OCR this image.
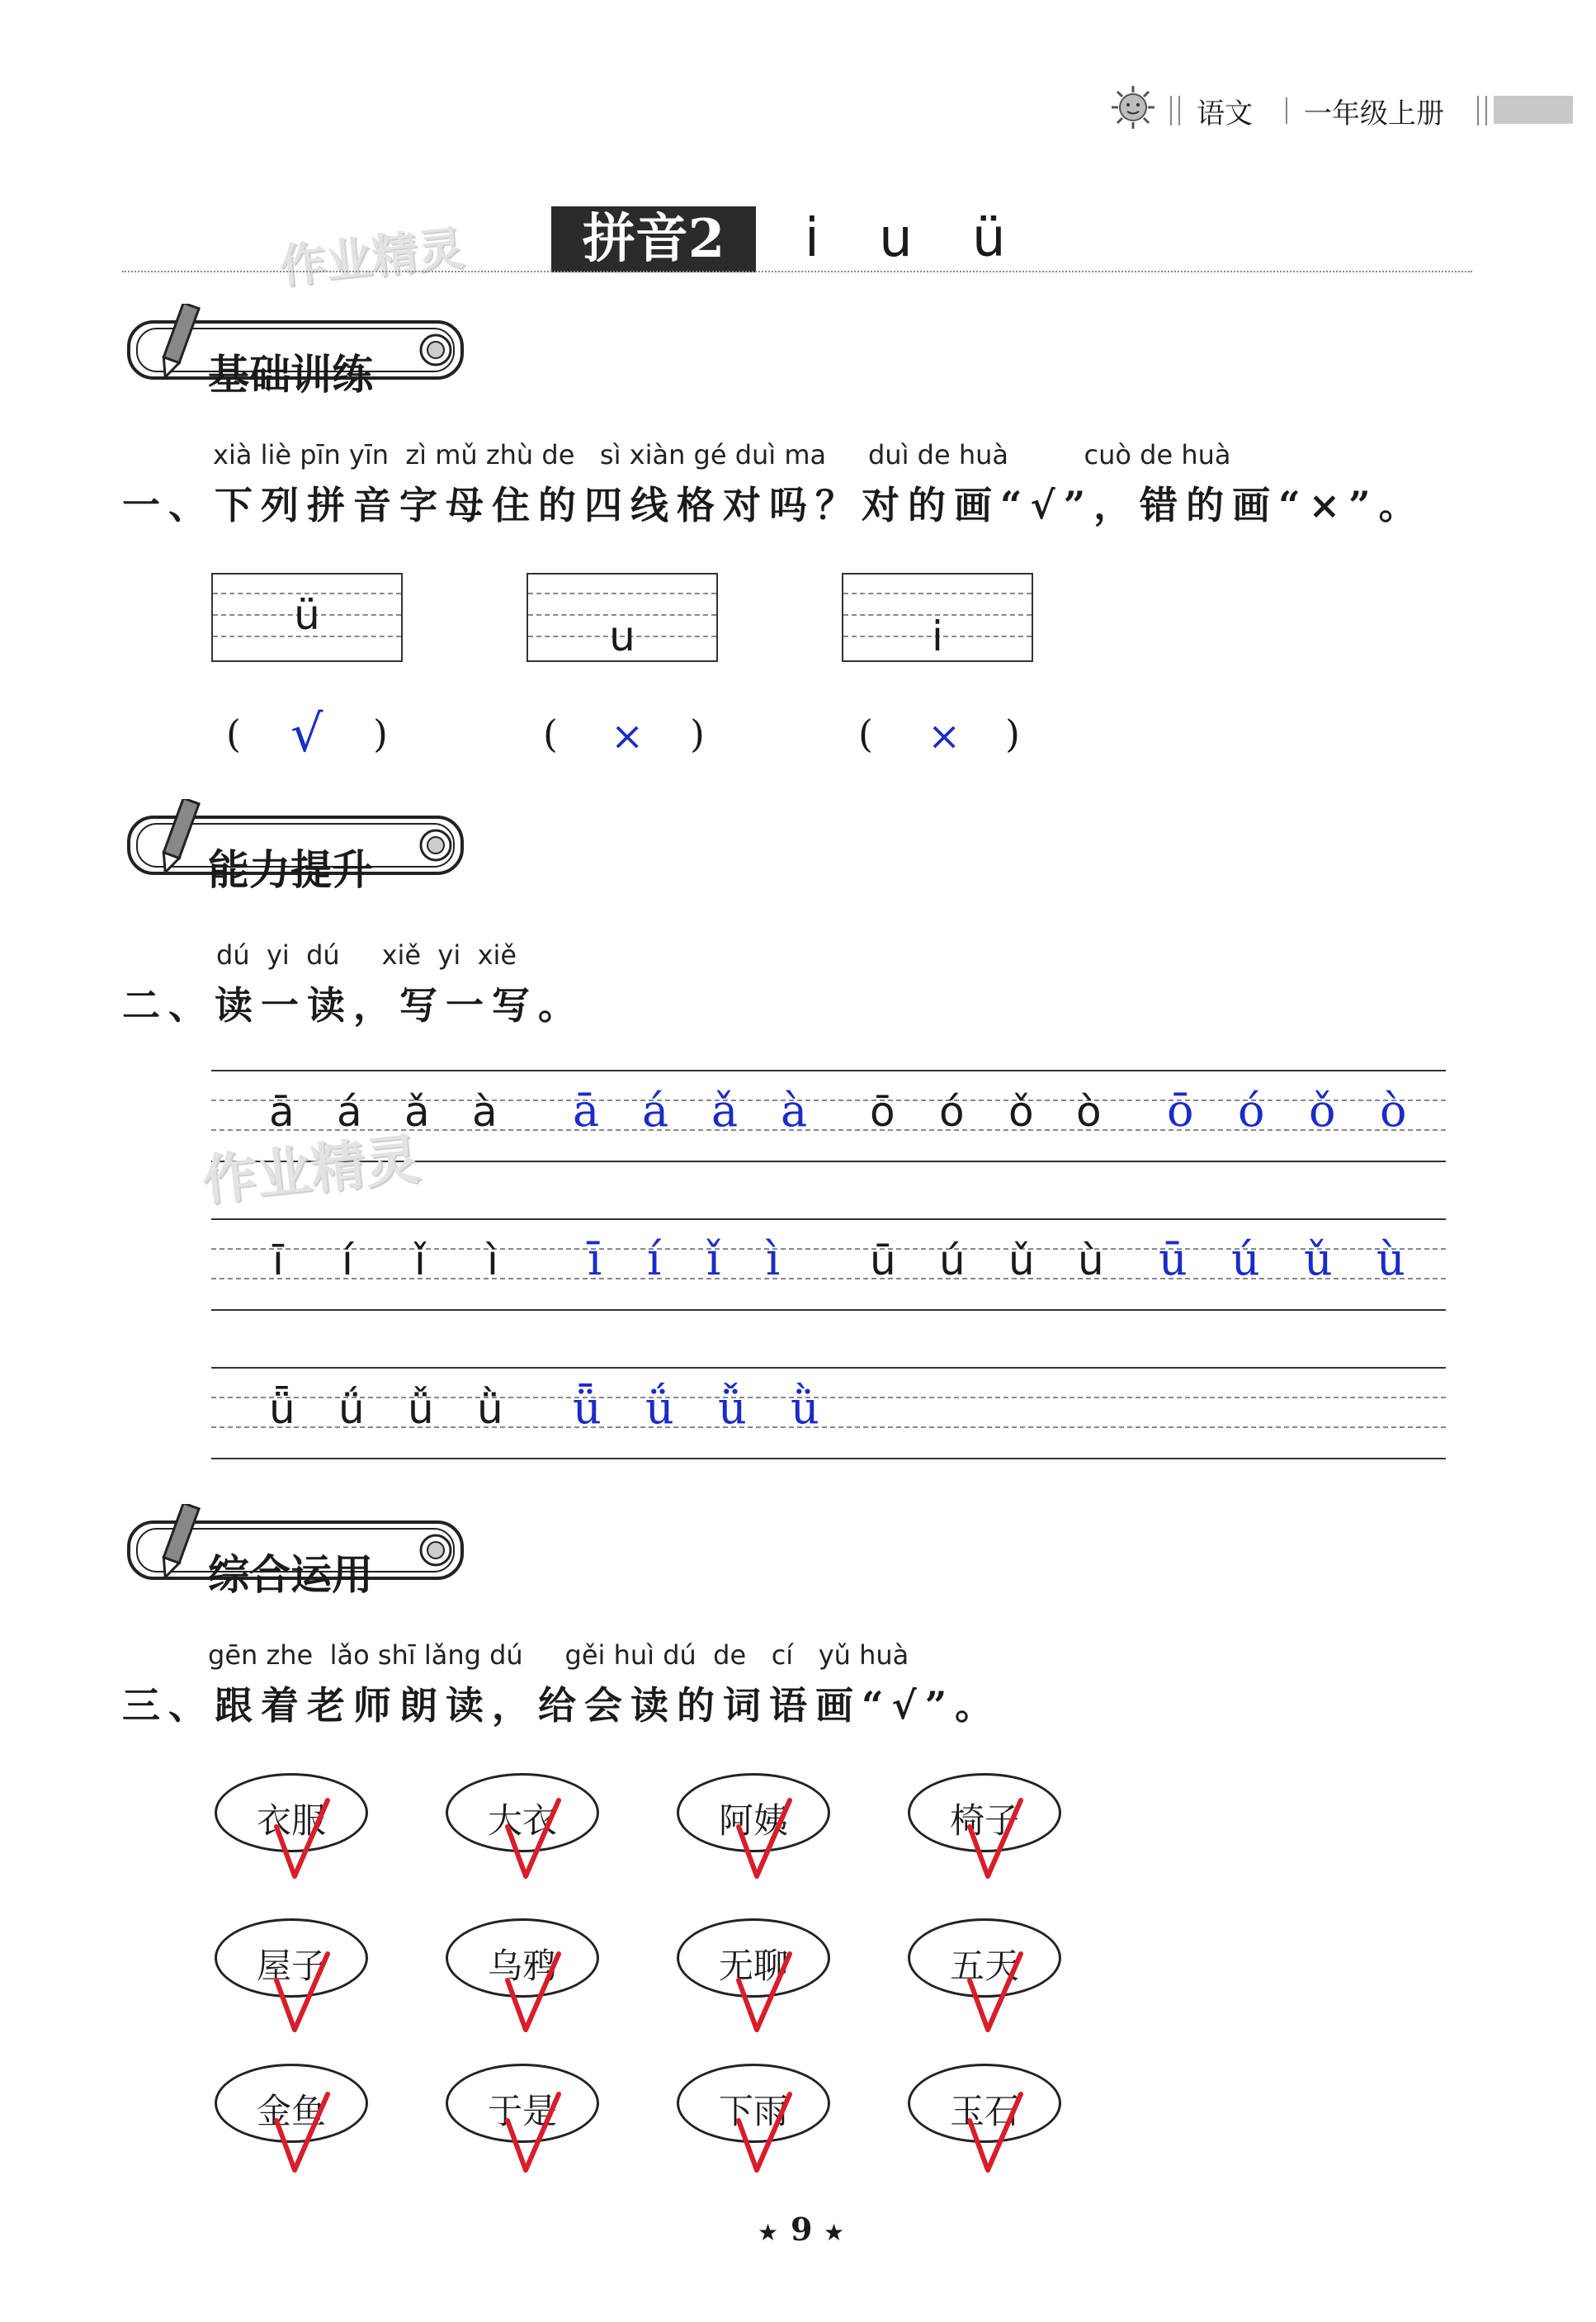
语文 一年级上册
作业精灵	拼音2	i u ü
基础训练
xià liè pīn yīn  zì mǔ zhù de   sì xiàn gé duì ma     duì de huà         cuò de huà
一、下列拼音字母住的四线格对吗？对的画“√”，错的画“×”。
ü	u	i
( √ )	( × )	( × )
能力提升
dú  yi  dú     xiě  yi  xiě
二、读一读，写一写。
作业精灵
ā á ǎ à ā á ǎ à ō ó ǒ ò ō ó ǒ ò
ī í ǐ ì ī í ǐ ì ū ú ǔ ù ū ú ǔ ù
ǖ ǘ ǚ ǜ ǖ ǘ ǚ ǜ
综合运用
gēn zhe  lǎo shī lǎng dú     gěi huì dú  de   cí   yǔ huà
三、跟着老师朗读，给会读的词语画“√”。
衣服	大衣	阿姨	椅子
屋子	乌鸦	无聊	五天
金鱼	于是	下雨	玉石
★ 9 ★
